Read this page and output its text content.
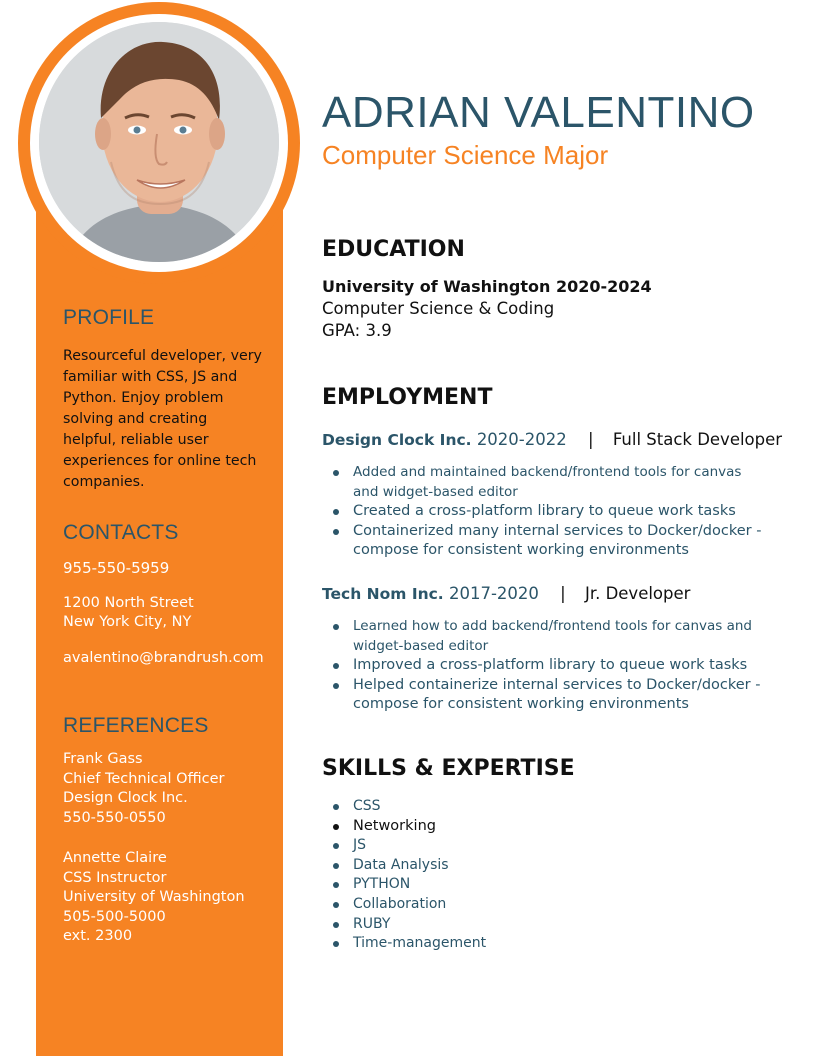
PROFILE
Resourceful developer, very familiar with CSS, JS and Python. Enjoy problem solving and creating helpful, reliable user experiences for online tech companies.
CONTACTS
955-550-5959
1200 North Street
New York City, NY
avalentino@brandrush.com
REFERENCES
Frank Gass
Chief Technical Officer
Design Clock Inc.
550-550-0550
Annette Claire
CSS Instructor
University of Washington
505-500-5000
ext. 2300
ADRIAN VALENTINO
Computer Science Major
EDUCATION
University of Washington 2020-2024
Computer Science & Coding
GPA: 3.9
EMPLOYMENT
Design Clock Inc. 2020-2022 | Full Stack Developer
Added and maintained backend/frontend tools for canvas and widget-based editor
Created a cross-platform library to queue work tasks
Containerized many internal services to Docker/docker - compose for consistent working environments
Tech Nom Inc. 2017-2020 | Jr. Developer
Learned how to add backend/frontend tools for canvas and widget-based editor
Improved a cross-platform library to queue work tasks
Helped containerize internal services to Docker/docker - compose for consistent working environments
SKILLS & EXPERTISE
CSS
Networking
JS
Data Analysis
PYTHON
Collaboration
RUBY
Time-management
